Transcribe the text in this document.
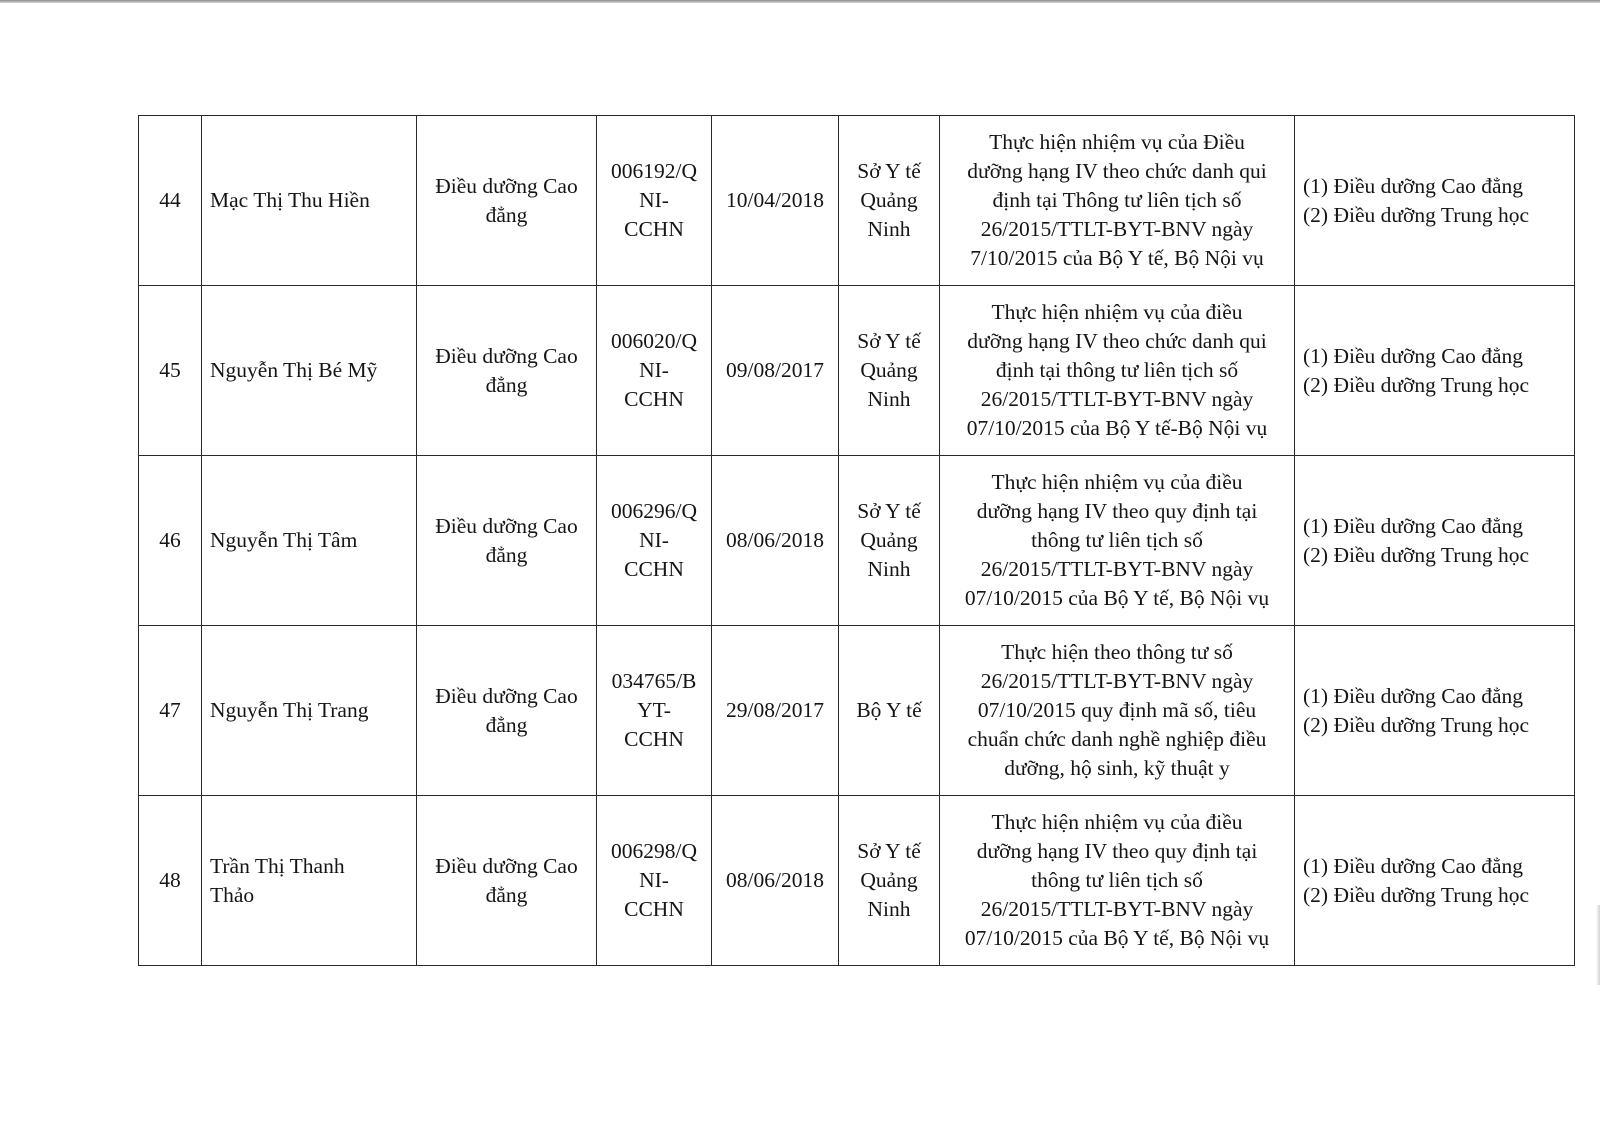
44	Mạc Thị Thu Hiền	Điều dưỡng Cao
đẳng	006192/Q
NI-
CCHN	10/04/2018	Sở Y tế
Quảng
Ninh	Thực hiện nhiệm vụ của Điều
dưỡng hạng IV theo chức danh qui
định tại Thông tư liên tịch số
26/2015/TTLT-BYT-BNV ngày
7/10/2015 của Bộ Y tế, Bộ Nội vụ	(1) Điều dưỡng Cao đẳng
(2) Điều dưỡng Trung học

45	Nguyễn Thị Bé Mỹ	Điều dưỡng Cao
đẳng	006020/Q
NI-
CCHN	09/08/2017	Sở Y tế
Quảng
Ninh	Thực hiện nhiệm vụ của điều
dưỡng hạng IV theo chức danh qui
định tại thông tư liên tịch số
26/2015/TTLT-BYT-BNV ngày
07/10/2015 của Bộ Y tế-Bộ Nội vụ	(1) Điều dưỡng Cao đẳng
(2) Điều dưỡng Trung học

46	Nguyễn Thị Tâm	Điều dưỡng Cao
đẳng	006296/Q
NI-
CCHN	08/06/2018	Sở Y tế
Quảng
Ninh	Thực hiện nhiệm vụ của điều
dưỡng hạng IV theo quy định tại
thông tư liên tịch số
26/2015/TTLT-BYT-BNV ngày
07/10/2015 của Bộ Y tế, Bộ Nội vụ	(1) Điều dưỡng Cao đẳng
(2) Điều dưỡng Trung học

47	Nguyễn Thị Trang	Điều dưỡng Cao
đẳng	034765/B
YT-
CCHN	29/08/2017	Bộ Y tế	Thực hiện theo thông tư số
26/2015/TTLT-BYT-BNV ngày
07/10/2015 quy định mã số, tiêu
chuẩn chức danh nghề nghiệp điều
dưỡng, hộ sinh, kỹ thuật y	(1) Điều dưỡng Cao đẳng
(2) Điều dưỡng Trung học

48	Trần Thị Thanh
Thảo	Điều dưỡng Cao
đẳng	006298/Q
NI-
CCHN	08/06/2018	Sở Y tế
Quảng
Ninh	Thực hiện nhiệm vụ của điều
dưỡng hạng IV theo quy định tại
thông tư liên tịch số
26/2015/TTLT-BYT-BNV ngày
07/10/2015 của Bộ Y tế, Bộ Nội vụ	(1) Điều dưỡng Cao đẳng
(2) Điều dưỡng Trung học
